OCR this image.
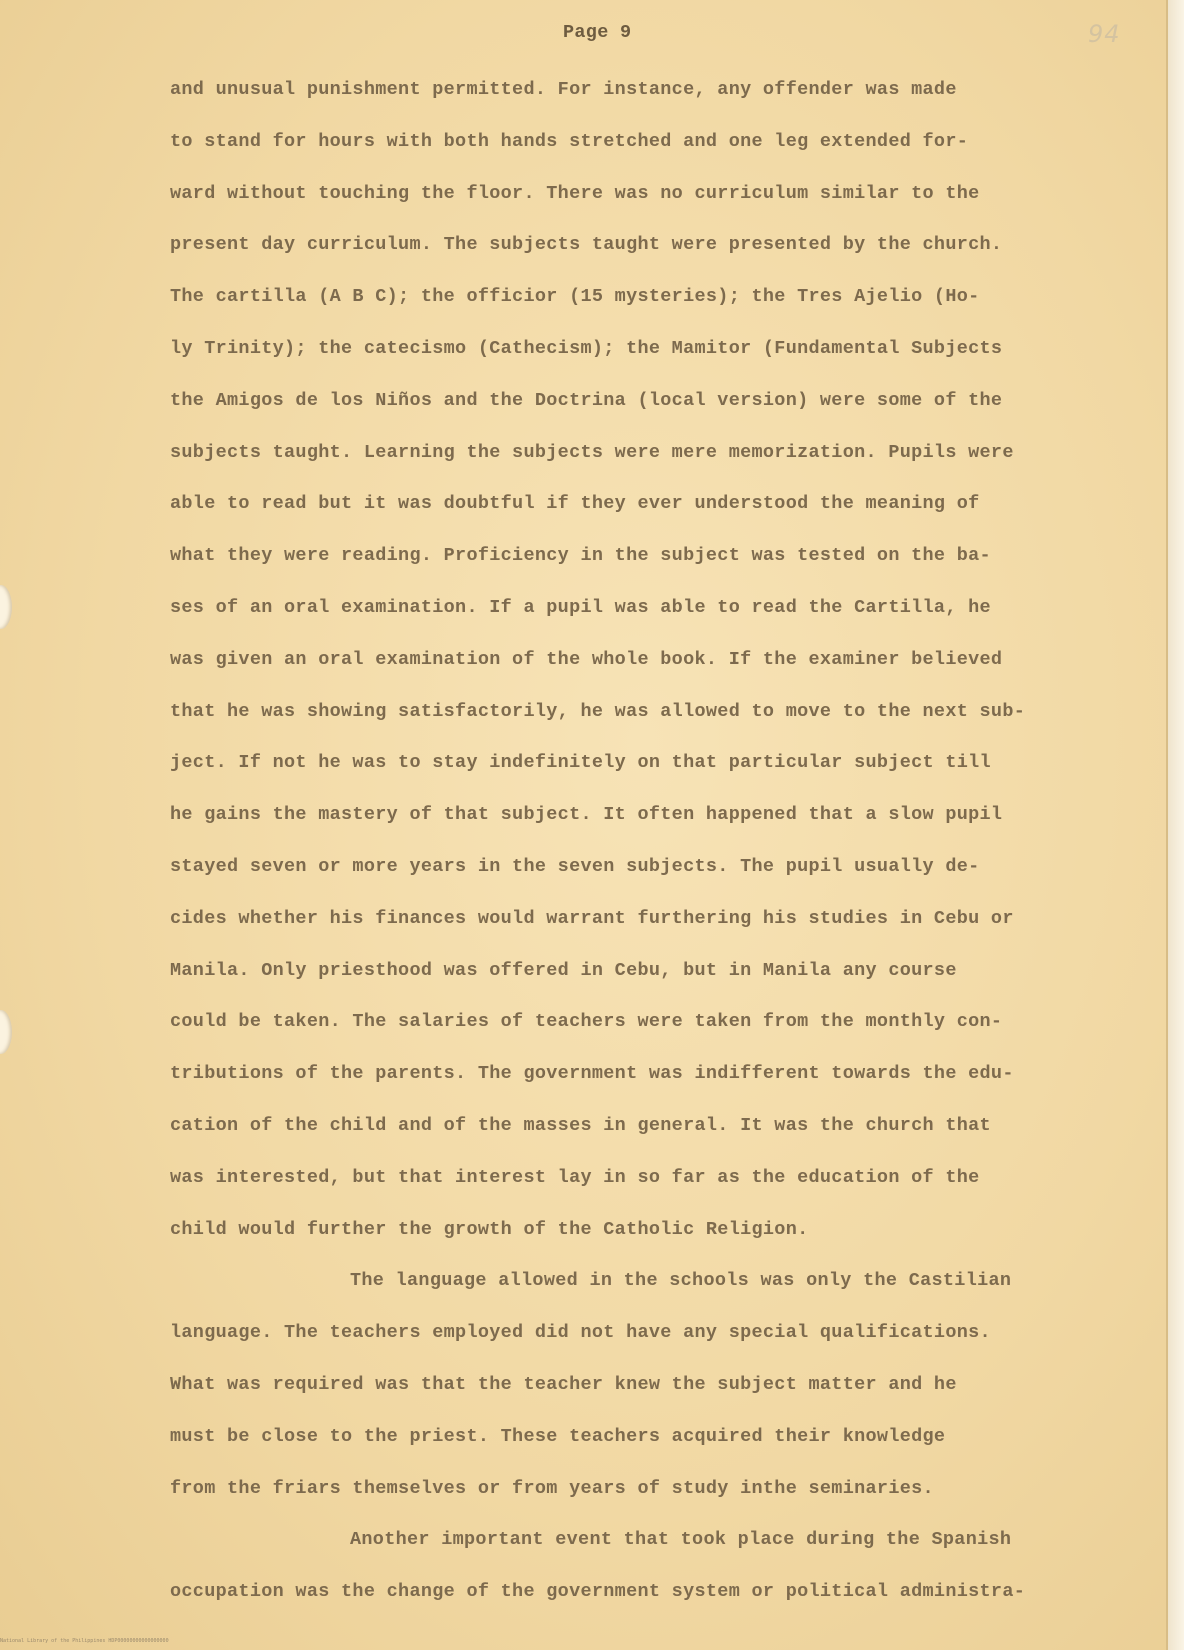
Page 9	94
and unusual punishment permitted. For instance, any offender was made
to stand for hours with both hands stretched and one leg extended for-
ward without touching the floor. There was no curriculum similar to the
present day curriculum. The subjects taught were presented by the church.
The cartilla (A B C); the officior (15 mysteries); the Tres Ajelio (Ho-
ly Trinity); the catecismo (Cathecism); the Mamitor (Fundamental Subjects
the Amigos de los Niños and the Doctrina (local version) were some of the
subjects taught. Learning the subjects were mere memorization. Pupils were
able to read but it was doubtful if they ever understood the meaning of
what they were reading. Proficiency in the subject was tested on the ba-
ses of an oral examination. If a pupil was able to read the Cartilla, he
was given an oral examination of the whole book. If the examiner believed
that he was showing satisfactorily, he was allowed to move to the next sub-
ject. If not he was to stay indefinitely on that particular subject till
he gains the mastery of that subject. It often happened that a slow pupil
stayed seven or more years in the seven subjects. The pupil usually de-
cides whether his finances would warrant furthering his studies in Cebu or
Manila. Only priesthood was offered in Cebu, but in Manila any course
could be taken. The salaries of teachers were taken from the monthly con-
tributions of the parents. The government was indifferent towards the edu-
cation of the child and of the masses in general. It was the church that
was interested, but that interest lay in so far as the education of the
child would further the growth of the Catholic Religion.
The language allowed in the schools was only the Castilian
language. The teachers employed did not have any special qualifications.
What was required was that the teacher knew the subject matter and he
must be close to the priest. These teachers acquired their knowledge
from the friars themselves or from years of study inthe seminaries.
Another important event that took place during the Spanish
occupation was the change of the government system or political administra-
National Library of the Philippines HDP00000000000000000
